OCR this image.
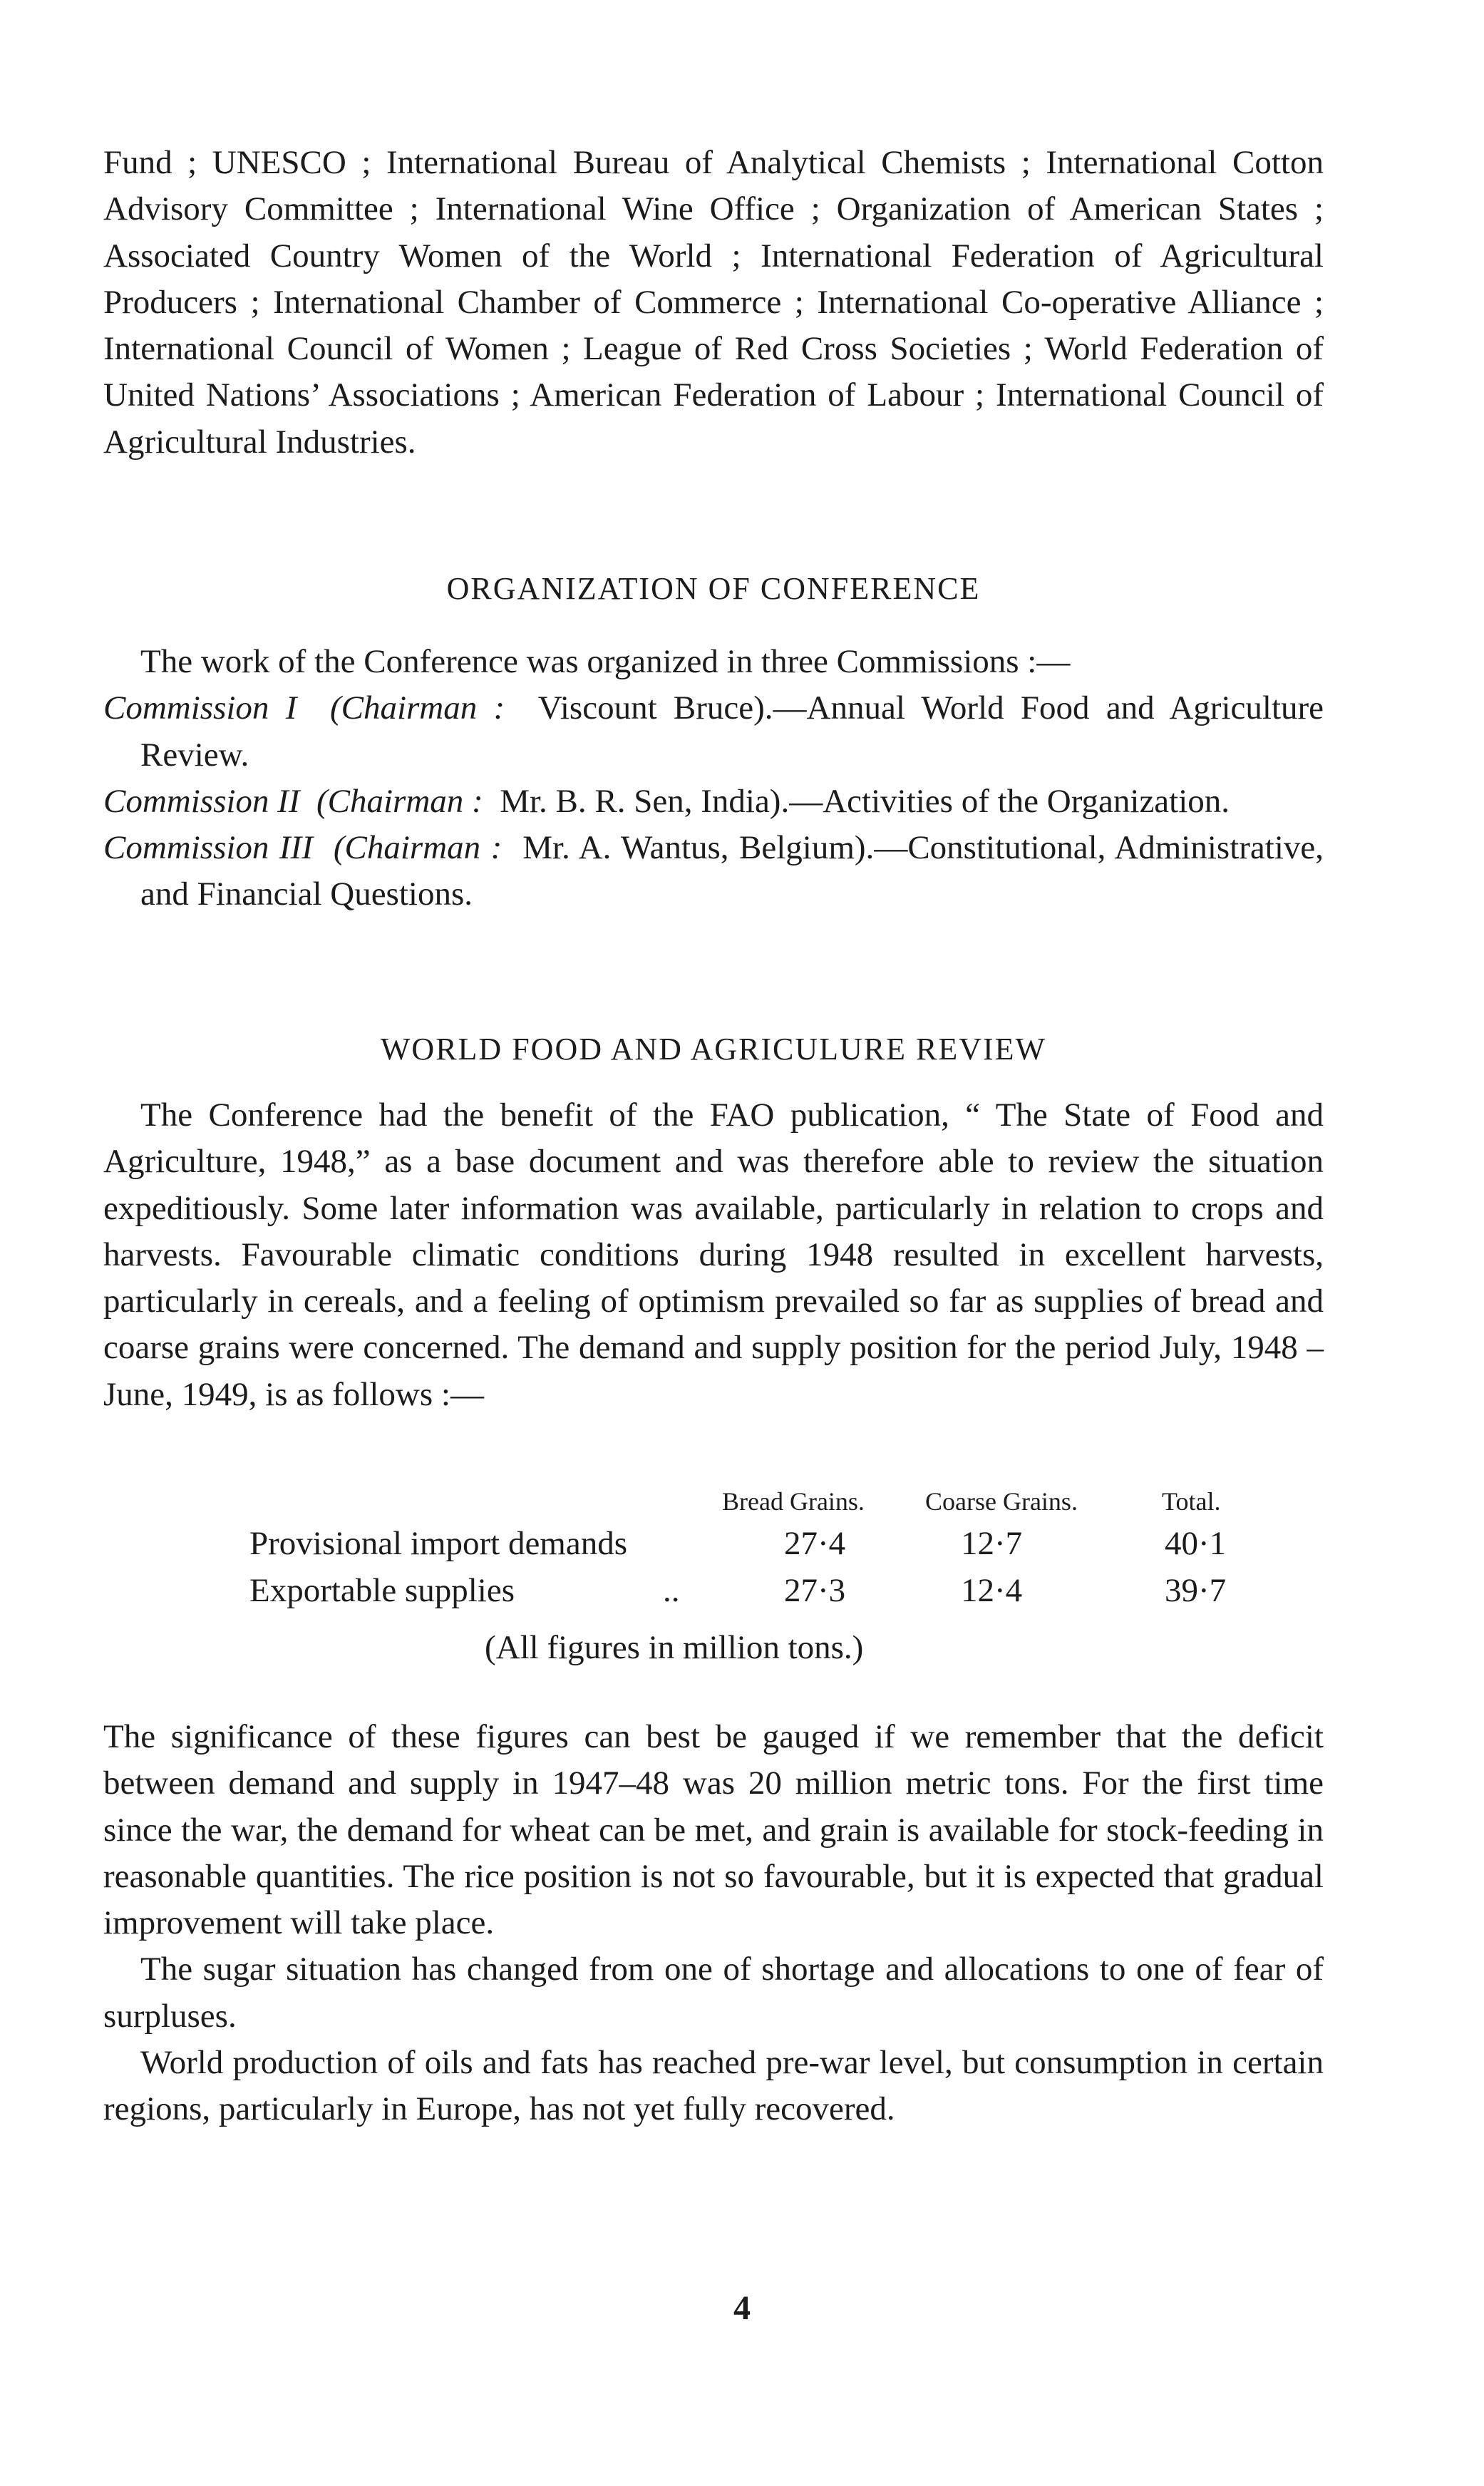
Fund ; UNESCO ; International Bureau of Analytical Chemists ; International Cotton Advisory Committee ; International Wine Office ; Organization of American States ; Associated Country Women of the World ; International Federation of Agricultural Producers ; International Chamber of Commerce ; International Co-operative Alliance ; International Council of Women ; League of Red Cross Societies ; World Federation of United Nations’ Associations ; American Federation of Labour ; International Council of Agricultural Industries.

ORGANIZATION OF CONFERENCE

The work of the Conference was organized in three Commissions :—

Commission I (Chairman : Viscount Bruce).—Annual World Food and Agriculture Review.

Commission II (Chairman : Mr. B. R. Sen, India).—Activities of the Organization.

Commission III (Chairman : Mr. A. Wantus, Belgium).—Constitutional, Administrative, and Financial Questions.

WORLD FOOD AND AGRICULURE REVIEW

The Conference had the benefit of the FAO publication, “ The State of Food and Agriculture, 1948,” as a base document and was therefore able to review the situation expeditiously. Some later information was available, particularly in relation to crops and harvests. Favourable climatic conditions during 1948 resulted in excellent harvests, particularly in cereals, and a feeling of optimism prevailed so far as supplies of bread and coarse grains were concerned. The demand and supply position for the period July, 1948 – June, 1949, is as follows :—

Bread Grains. Coarse Grains.	Total.
Provisional import demands	27·4	12·7	40·1
Exportable supplies	..	27·3	12·4	39·7
(All figures in million tons.)

The significance of these figures can best be gauged if we remember that the deficit between demand and supply in 1947–48 was 20 million metric tons. For the first time since the war, the demand for wheat can be met, and grain is available for stock-feeding in reasonable quantities. The rice position is not so favourable, but it is expected that gradual improvement will take place.

The sugar situation has changed from one of shortage and allocations to one of fear of surpluses.

World production of oils and fats has reached pre-war level, but consumption in certain regions, particularly in Europe, has not yet fully recovered.

4
